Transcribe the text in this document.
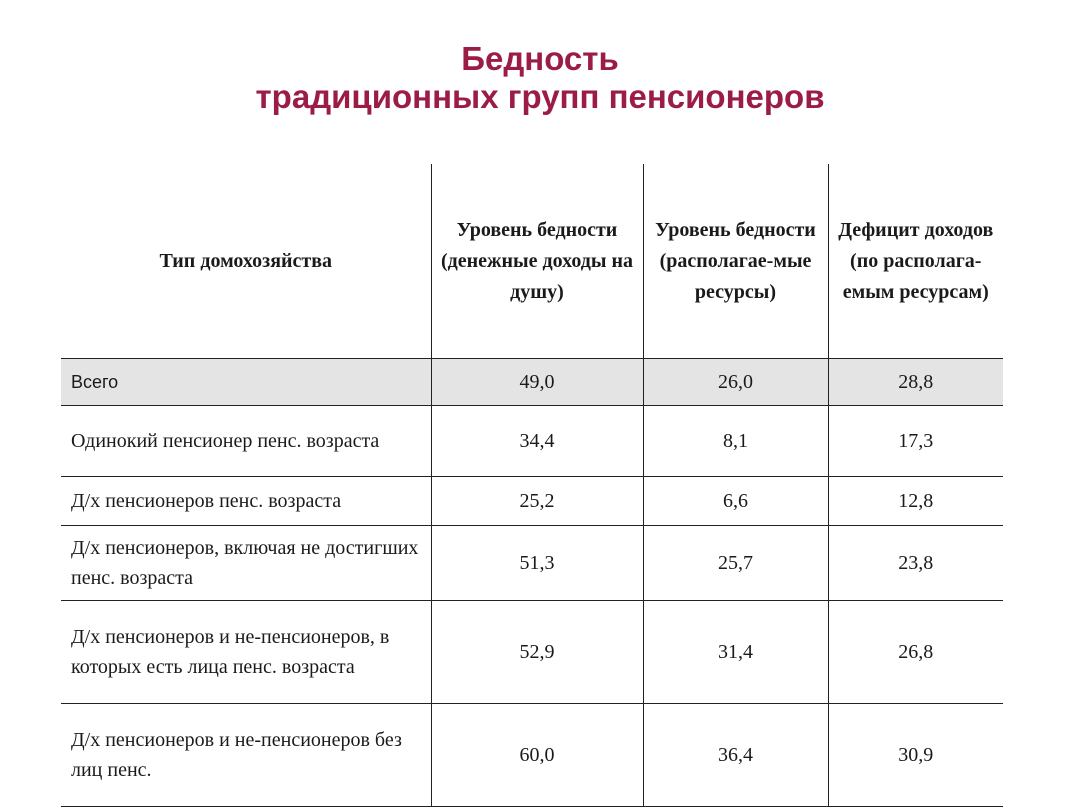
Бедность
традиционных групп пенсионеров
Тип домохозяйства	Уровень бедности (денежные доходы на душу)	Уровень бедности (располагае-мые ресурсы)	Дефицит доходов (по располага-емым ресурсам)
Всего	49,0	26,0	28,8
Одинокий пенсионер пенс. возраста	34,4	8,1	17,3
Д/х пенсионеров пенс. возраста	25,2	6,6	12,8
Д/х пенсионеров, включая не достигших пенс. возраста	51,3	25,7	23,8
Д/х пенсионеров и не-пенсионеров, в которых есть лица пенс. возраста	52,9	31,4	26,8
Д/х пенсионеров и не-пенсионеров без лиц пенс.	60,0	36,4	30,9
